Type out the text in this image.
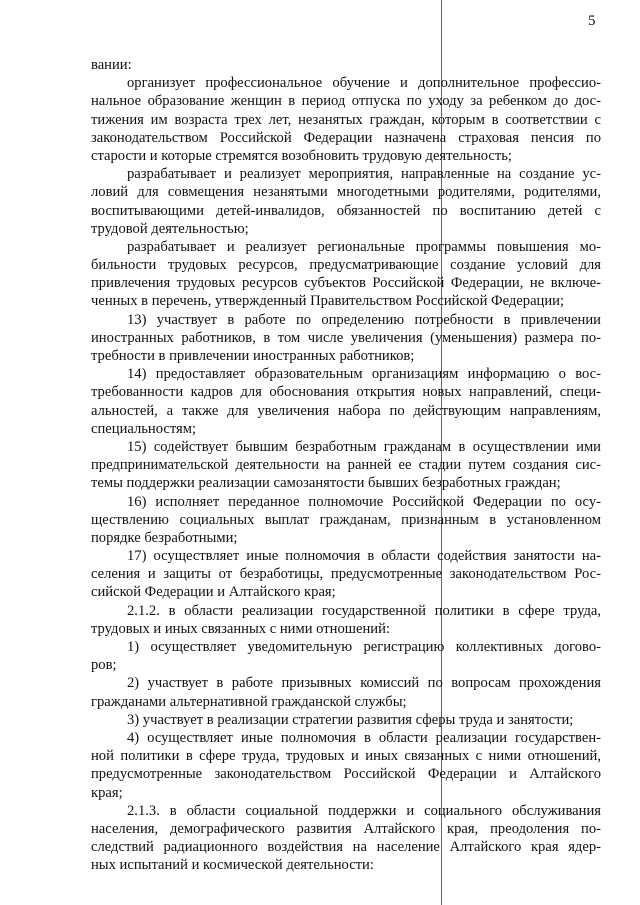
5
вании:
организует профессиональное обучение и дополнительное профессио-
нальное образование женщин в период отпуска по уходу за ребенком до дос-
тижения им возраста трех лет, незанятых граждан, которым в соответствии с
законодательством Российской Федерации назначена страховая пенсия по
старости и которые стремятся возобновить трудовую деятельность;
разрабатывает и реализует мероприятия, направленные на создание ус-
ловий для совмещения незанятыми многодетными родителями, родителями,
воспитывающими детей-инвалидов, обязанностей по воспитанию детей с
трудовой деятельностью;
разрабатывает и реализует региональные программы повышения мо-
бильности трудовых ресурсов, предусматривающие создание условий для
привлечения трудовых ресурсов субъектов Российской Федерации, не включе-
ченных в перечень, утвержденный Правительством Российской Федерации;
13) участвует в работе по определению потребности в привлечении
иностранных работников, в том числе увеличения (уменьшения) размера по-
требности в привлечении иностранных работников;
14) предоставляет образовательным организациям информацию о вос-
требованности кадров для обоснования открытия новых направлений, специ-
альностей, а также для увеличения набора по действующим направлениям,
специальностям;
15) содействует бывшим безработным гражданам в осуществлении ими
предпринимательской деятельности на ранней ее стадии путем создания сис-
темы поддержки реализации самозанятости бывших безработных граждан;
16) исполняет переданное полномочие Российской Федерации по осу-
ществлению социальных выплат гражданам, признанным в установленном
порядке безработными;
17) осуществляет иные полномочия в области содействия занятости на-
селения и защиты от безработицы, предусмотренные законодательством Рос-
сийской Федерации и Алтайского края;
2.1.2. в области реализации государственной политики в сфере труда,
трудовых и иных связанных с ними отношений:
1) осуществляет уведомительную регистрацию коллективных догово-
ров;
2) участвует в работе призывных комиссий по вопросам прохождения
гражданами альтернативной гражданской службы;
3) участвует в реализации стратегии развития сферы труда и занятости;
4) осуществляет иные полномочия в области реализации государствен-
ной политики в сфере труда, трудовых и иных связанных с ними отношений,
предусмотренные законодательством Российской Федерации и Алтайского
края;
2.1.3. в области социальной поддержки и социального обслуживания
населения, демографического развития Алтайского края, преодоления по-
следствий радиационного воздействия на население Алтайского края ядер-
ных испытаний и космической деятельности:
